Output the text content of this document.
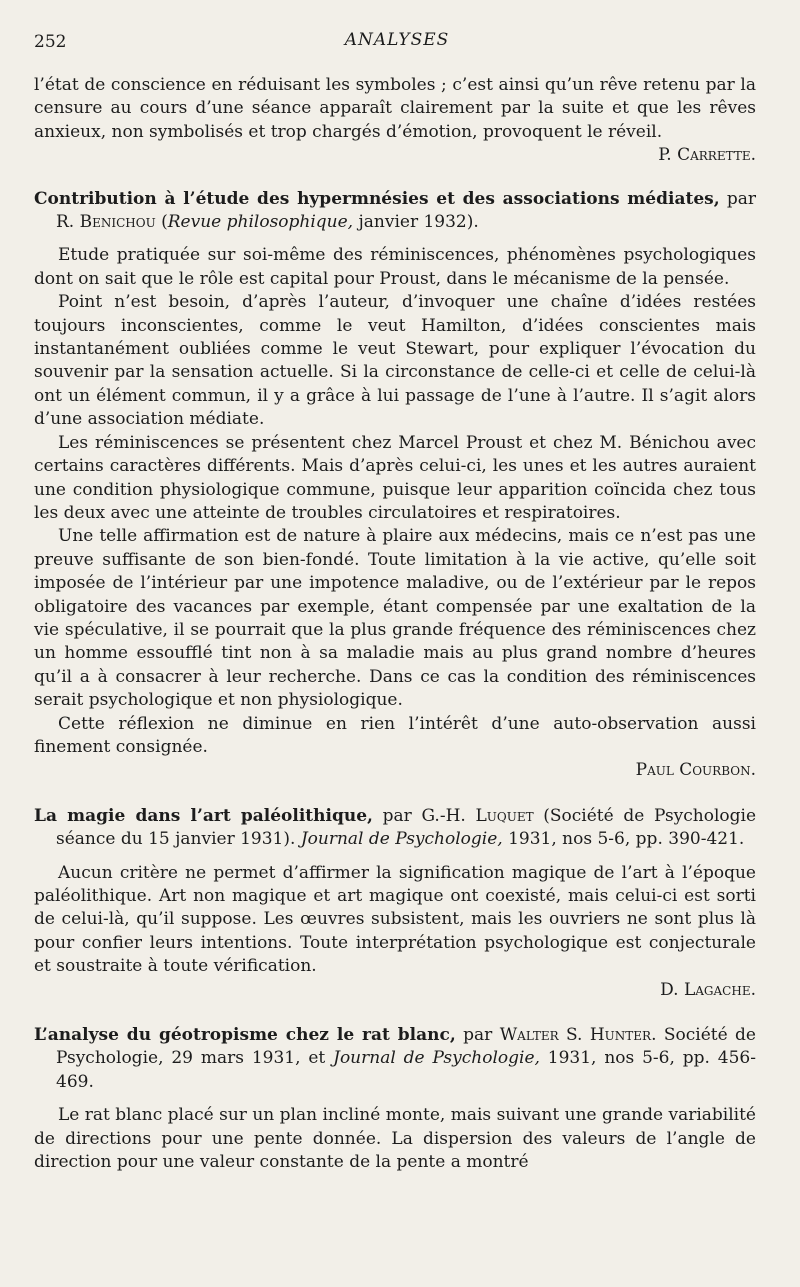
252	ANALYSES

l’état de conscience en réduisant les symboles ; c’est ainsi qu’un rêve retenu par la censure au cours d’une séance apparaît clairement par la suite et que les rêves anxieux, non symbolisés et trop chargés d’émotion, provoquent le réveil.

P. Carrette.

Contribution à l’étude des hypermnésies et des associations médiates, par R. Benichou (Revue philosophique, janvier 1932).

Etude pratiquée sur soi-même des réminiscences, phénomènes psychologiques dont on sait que le rôle est capital pour Proust, dans le mécanisme de la pensée.

Point n’est besoin, d’après l’auteur, d’invoquer une chaîne d’idées restées toujours inconscientes, comme le veut Hamilton, d’idées conscientes mais instantanément oubliées comme le veut Stewart, pour expliquer l’évocation du souvenir par la sensation actuelle. Si la circonstance de celle-ci et celle de celui-là ont un élément commun, il y a grâce à lui passage de l’une à l’autre. Il s’agit alors d’une association médiate.

Les réminiscences se présentent chez Marcel Proust et chez M. Bénichou avec certains caractères différents. Mais d’après celui-ci, les unes et les autres auraient une condition physiologique commune, puisque leur apparition coïncida chez tous les deux avec une atteinte de troubles circulatoires et respiratoires.

Une telle affirmation est de nature à plaire aux médecins, mais ce n’est pas une preuve suffisante de son bien-fondé. Toute limitation à la vie active, qu’elle soit imposée de l’intérieur par une impotence maladive, ou de l’extérieur par le repos obligatoire des vacances par exemple, étant compensée par une exaltation de la vie spéculative, il se pourrait que la plus grande fréquence des réminiscences chez un homme essoufflé tint non à sa maladie mais au plus grand nombre d’heures qu’il a à consacrer à leur recherche. Dans ce cas la condition des réminiscences serait psychologique et non physiologique.

Cette réflexion ne diminue en rien l’intérêt d’une auto-observation aussi finement consignée.

Paul Courbon.

La magie dans l’art paléolithique, par G.-H. Luquet (Société de Psychologie séance du 15 janvier 1931). Journal de Psychologie, 1931, nos 5-6, pp. 390-421.

Aucun critère ne permet d’affirmer la signification magique de l’art à l’époque paléolithique. Art non magique et art magique ont coexisté, mais celui-ci est sorti de celui-là, qu’il suppose. Les œuvres subsistent, mais les ouvriers ne sont plus là pour confier leurs intentions. Toute interprétation psychologique est conjecturale et soustraite à toute vérification.

D. Lagache.

L’analyse du géotropisme chez le rat blanc, par Walter S. Hunter. Société de Psychologie, 29 mars 1931, et Journal de Psychologie, 1931, nos 5-6, pp. 456-469.

Le rat blanc placé sur un plan incliné monte, mais suivant une grande variabilité de directions pour une pente donnée. La dispersion des valeurs de l’angle de direction pour une valeur constante de la pente a montré
